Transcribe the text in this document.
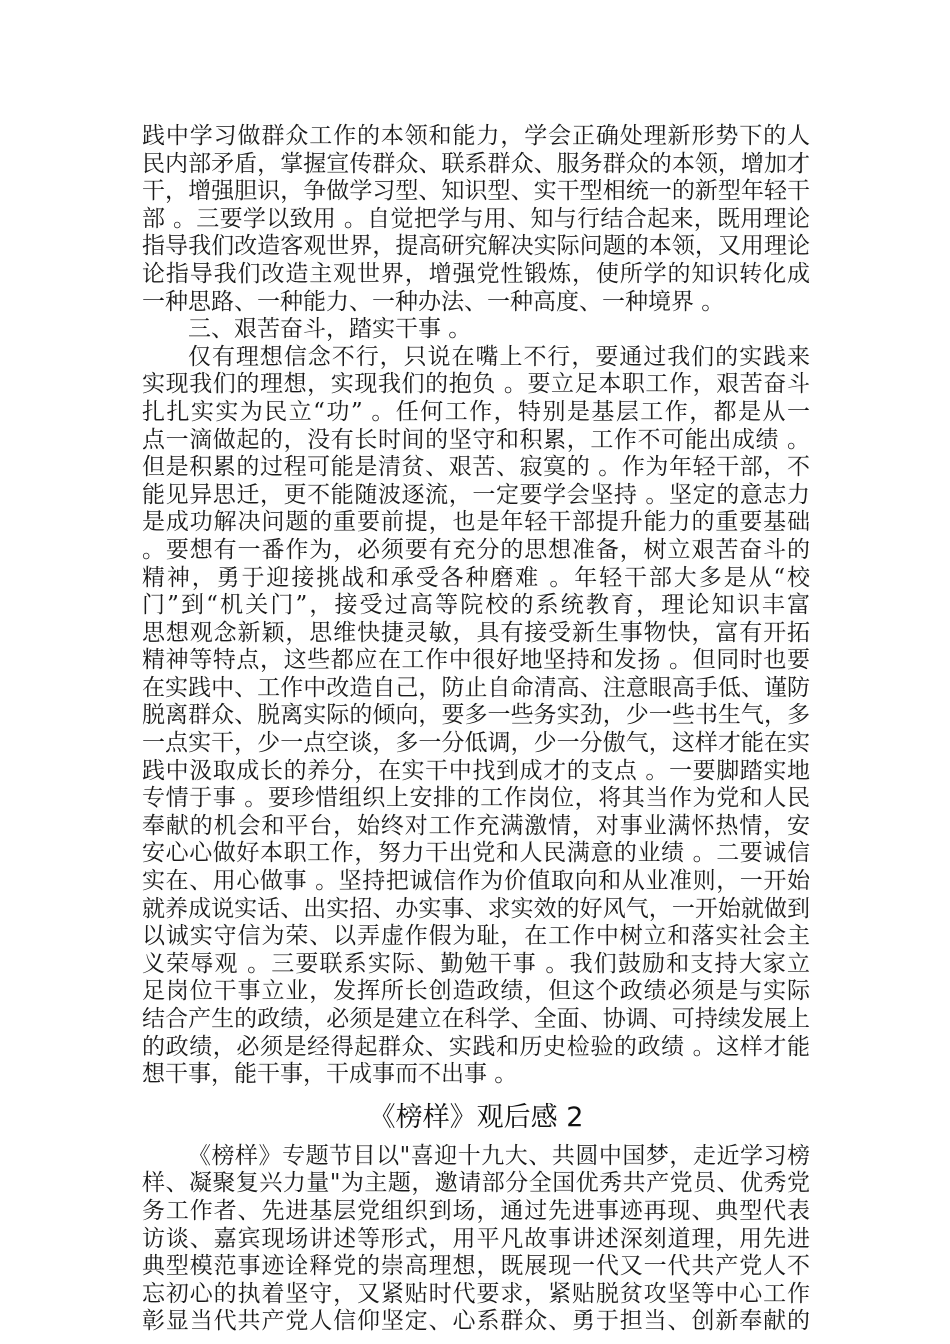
践中学习做群众工作的本领和能力，学会正确处理新形势下的人
民内部矛盾，掌握宣传群众、联系群众、服务群众的本领，增加才
干，增强胆识，争做学习型、知识型、实干型相统一的新型年轻干
部 。三要学以致用 。自觉把学与用、知与行结合起来，既用理论
指导我们改造客观世界，提高研究解决实际问题的本领，又用理论
论指导我们改造主观世界，增强党性锻炼，使所学的知识转化成
一种思路、一种能力、一种办法、一种高度、一种境界 。
三、艰苦奋斗，踏实干事 。
仅有理想信念不行，只说在嘴上不行，要通过我们的实践来
实现我们的理想，实现我们的抱负 。要立足本职工作，艰苦奋斗
扎扎实实为民立“功” 。任何工作，特别是基层工作，都是从一
点一滴做起的，没有长时间的坚守和积累，工作不可能出成绩 。
但是积累的过程可能是清贫、艰苦、寂寞的 。作为年轻干部，不
能见异思迁，更不能随波逐流，一定要学会坚持 。坚定的意志力
是成功解决问题的重要前提，也是年轻干部提升能力的重要基础
。要想有一番作为，必须要有充分的思想准备，树立艰苦奋斗的
精神，勇于迎接挑战和承受各种磨难 。年轻干部大多是从“校
门”到“机关门”，接受过高等院校的系统教育，理论知识丰富
思想观念新颖，思维快捷灵敏，具有接受新生事物快，富有开拓
精神等特点，这些都应在工作中很好地坚持和发扬 。但同时也要
在实践中、工作中改造自己，防止自命清高、注意眼高手低、谨防
脱离群众、脱离实际的倾向，要多一些务实劲，少一些书生气，多
一点实干，少一点空谈，多一分低调，少一分傲气，这样才能在实
践中汲取成长的养分，在实干中找到成才的支点 。一要脚踏实地
专情于事 。要珍惜组织上安排的工作岗位，将其当作为党和人民
奉献的机会和平台，始终对工作充满激情，对事业满怀热情，安
安心心做好本职工作，努力干出党和人民满意的业绩 。二要诚信
实在、用心做事 。坚持把诚信作为价值取向和从业准则，一开始
就养成说实话、出实招、办实事、求实效的好风气，一开始就做到
以诚实守信为荣、以弄虚作假为耻，在工作中树立和落实社会主
义荣辱观 。三要联系实际、勤勉干事 。我们鼓励和支持大家立
足岗位干事立业，发挥所长创造政绩，但这个政绩必须是与实际
结合产生的政绩，必须是建立在科学、全面、协调、可持续发展上
的政绩，必须是经得起群众、实践和历史检验的政绩 。这样才能
想干事，能干事，干成事而不出事 。
《榜样》观后感 2
《榜样》专题节目以"喜迎十九大、共圆中国梦，走近学习榜
样、凝聚复兴力量"为主题，邀请部分全国优秀共产党员、优秀党
务工作者、先进基层党组织到场，通过先进事迹再现、典型代表
访谈、嘉宾现场讲述等形式，用平凡故事讲述深刻道理，用先进
典型模范事迹诠释党的崇高理想，既展现一代又一代共产党人不
忘初心的执着坚守，又紧贴时代要求，紧贴脱贫攻坚等中心工作
彰显当代共产党人信仰坚定、心系群众、勇于担当、创新奉献的
